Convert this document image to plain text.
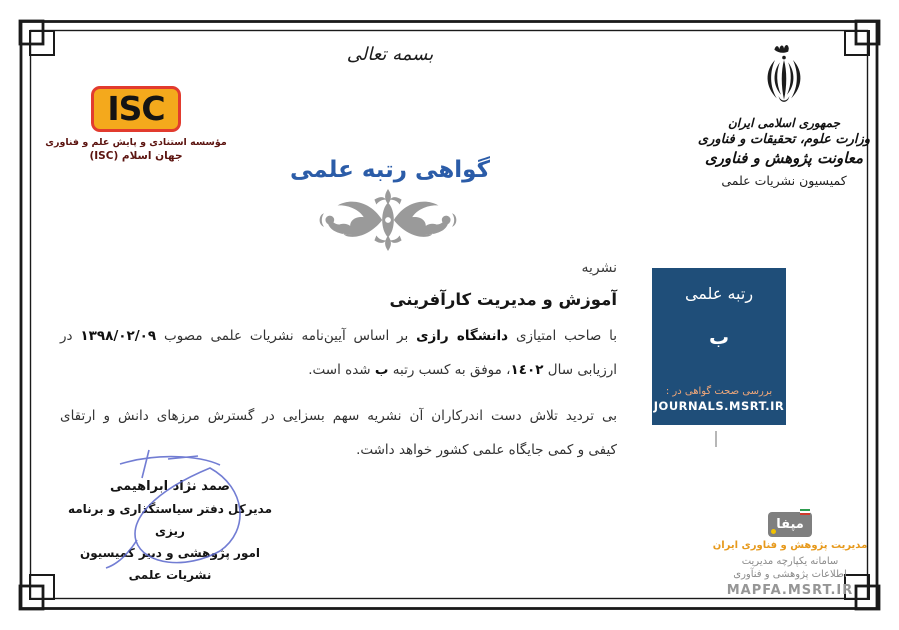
بسمه تعالی
ISC
مؤسسه استنادی و پایش علم و فناوری
جهان اسلام (ISC)
جمهوری اسلامی ایران
وزارت علوم، تحقیقات و فناوری
معاونت پژوهش و فناوری
کمیسیون نشریات علمی
گواهی رتبه علمی
نشریه
آموزش و مدیریت کارآفرینی
با صاحب امتیازی دانشگاه رازی بر اساس آیین‌نامه نشریات علمی مصوب ۱۳۹۸/۰۲/۰۹ در
ارزیابی سال ۱٤۰۲، موفق به کسب رتبه ب شده است.
بی تردید تلاش دست اندرکاران آن نشریه سهم بسزایی در گسترش مرزهای دانش و ارتقای
کیفی و کمی جایگاه علمی کشور خواهد داشت.
رتبه علمی
ب
بررسی صحت گواهی در :
JOURNALS.MSRT.IR
صمد نژاد ابراهیمی
مدیرکل دفتر سیاستگذاری و برنامه ریزی
امور پژوهشی و دبیر کمیسیون
نشریات علمی
مپفا
مدیریت پژوهش و فناوری ایران
سامانه یکپارچه مدیریت
اطلاعات پژوهشی و فنآوری
MAPFA.MSRT.IR
